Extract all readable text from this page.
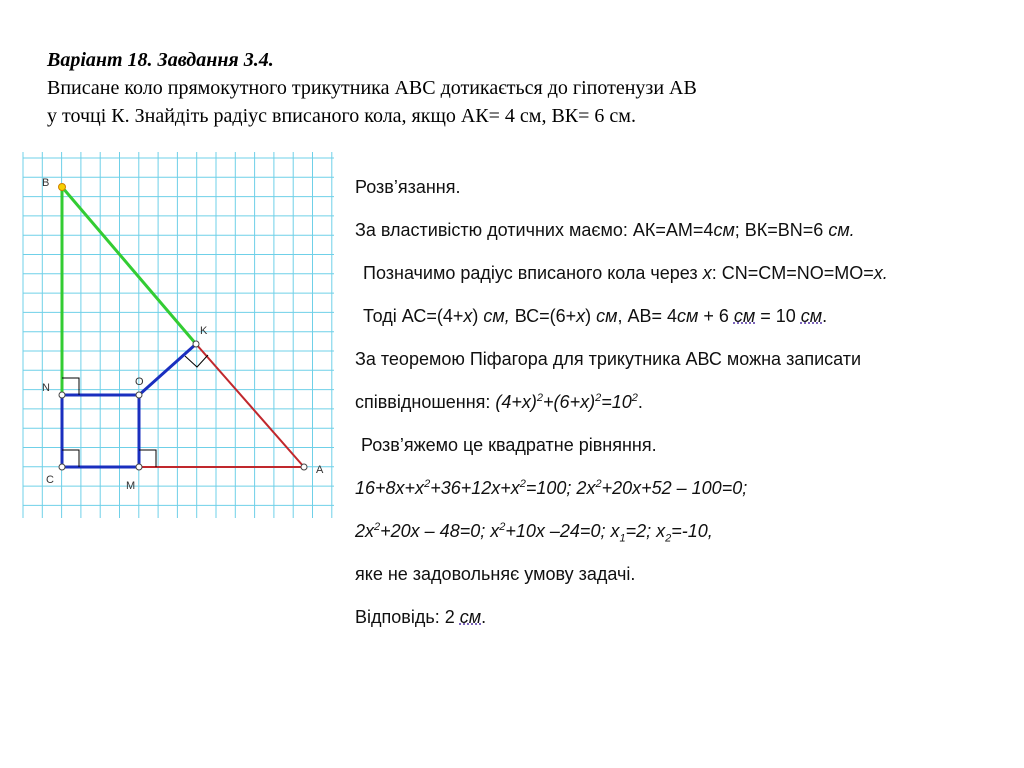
Варіант 18. Завдання 3.4.
Вписане коло прямокутного трикутника ABC дотикається до гіпотенузи AB
у точці К. Знайдіть радіус вписаного кола, якщо АК= 4 см, ВК= 6 см.
B
K
N	O
C	M
A
Розв’язання.
За властивістю дотичних маємо: АК=АМ=4см; ВК=BN=6 см.
Позначимо радіус вписаного кола через x: CN=CM=NO=MO=x.
Тоді АС=(4+x) см, ВС=(6+x) см, АВ= 4см + 6 см = 10 см.
За теоремою Піфагора для трикутника АВС можна записати
співвідношення: $(4+x)^2+(6+x)^2=10^2$.
Розв’яжемо це квадратне рівняння.
$16+8x+x^2+36+12x+x^2=100$; $2x^2+20x+52 - 100=0$;
$2x^2+20x - 48=0$; $x^2+10x$ –24=0; $x_1=2$; $x_2=-10$,
яке не задовольняє умову задачі.
Відповідь: 2 см.
